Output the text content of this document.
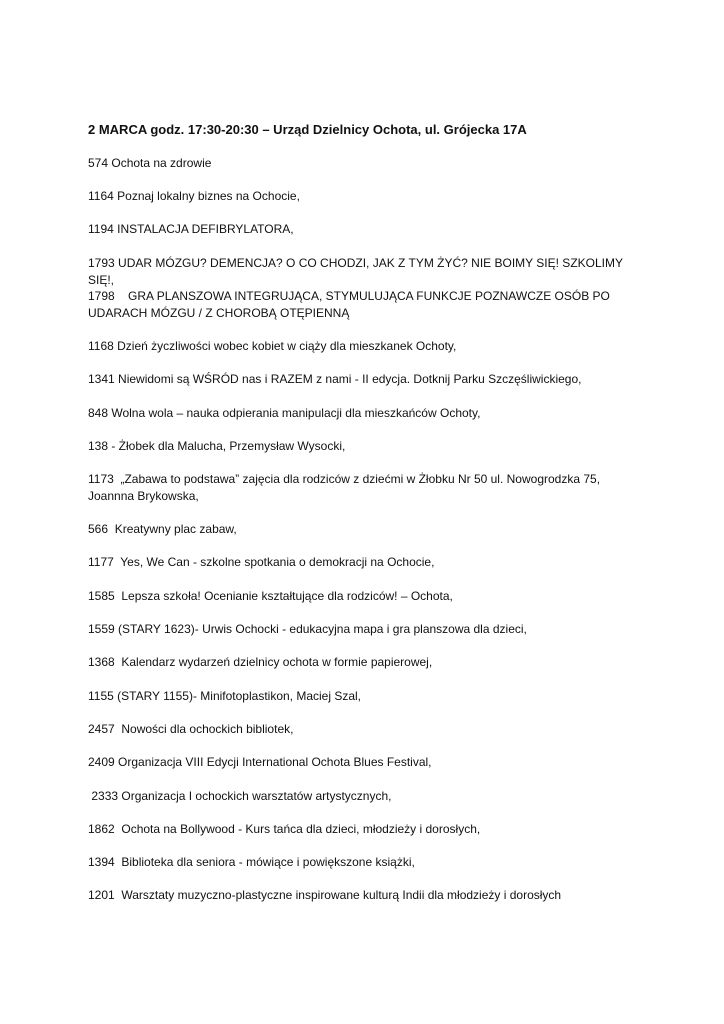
2 MARCA godz. 17:30-20:30 – Urząd Dzielnicy Ochota, ul. Grójecka 17A
574 Ochota na zdrowie
1164 Poznaj lokalny biznes na Ochocie,
1194 INSTALACJA DEFIBRYLATORA,
1793 UDAR MÓZGU? DEMENCJA? O CO CHODZI, JAK Z TYM ŻYĆ? NIE BOIMY SIĘ! SZKOLIMY SIĘ!,
1798    GRA PLANSZOWA INTEGRUJĄCA, STYMULUJĄCA FUNKCJE POZNAWCZE OSÓB PO UDARACH MÓZGU / Z CHOROBĄ OTĘPIENNĄ
1168 Dzień życzliwości wobec kobiet w ciąży dla mieszkanek Ochoty,
1341 Niewidomi są WŚRÓD nas i RAZEM z nami - II edycja. Dotknij Parku Szczęśliwickiego,
848 Wolna wola – nauka odpierania manipulacji dla mieszkańców Ochoty,
138 - Żłobek dla Malucha, Przemysław Wysocki,
1173  „Zabawa to podstawa” zajęcia dla rodziców z dziećmi w Żłobku Nr 50 ul. Nowogrodzka 75, Joannna Brykowska,
566  Kreatywny plac zabaw,
1177  Yes, We Can - szkolne spotkania o demokracji na Ochocie,
1585  Lepsza szkoła! Ocenianie kształtujące dla rodziców! – Ochota,
1559 (STARY 1623)- Urwis Ochocki - edukacyjna mapa i gra planszowa dla dzieci,
1368  Kalendarz wydarzeń dzielnicy ochota w formie papierowej,
1155 (STARY 1155)- Minifotoplastikon, Maciej Szal,
2457  Nowości dla ochockich bibliotek,
2409 Organizacja VIII Edycji International Ochota Blues Festival,
2333 Organizacja I ochockich warsztatów artystycznych,
1862  Ochota na Bollywood - Kurs tańca dla dzieci, młodzieży i dorosłych,
1394  Biblioteka dla seniora - mówiące i powiększone książki,
1201  Warsztaty muzyczno-plastyczne inspirowane kulturą Indii dla młodzieży i dorosłych
